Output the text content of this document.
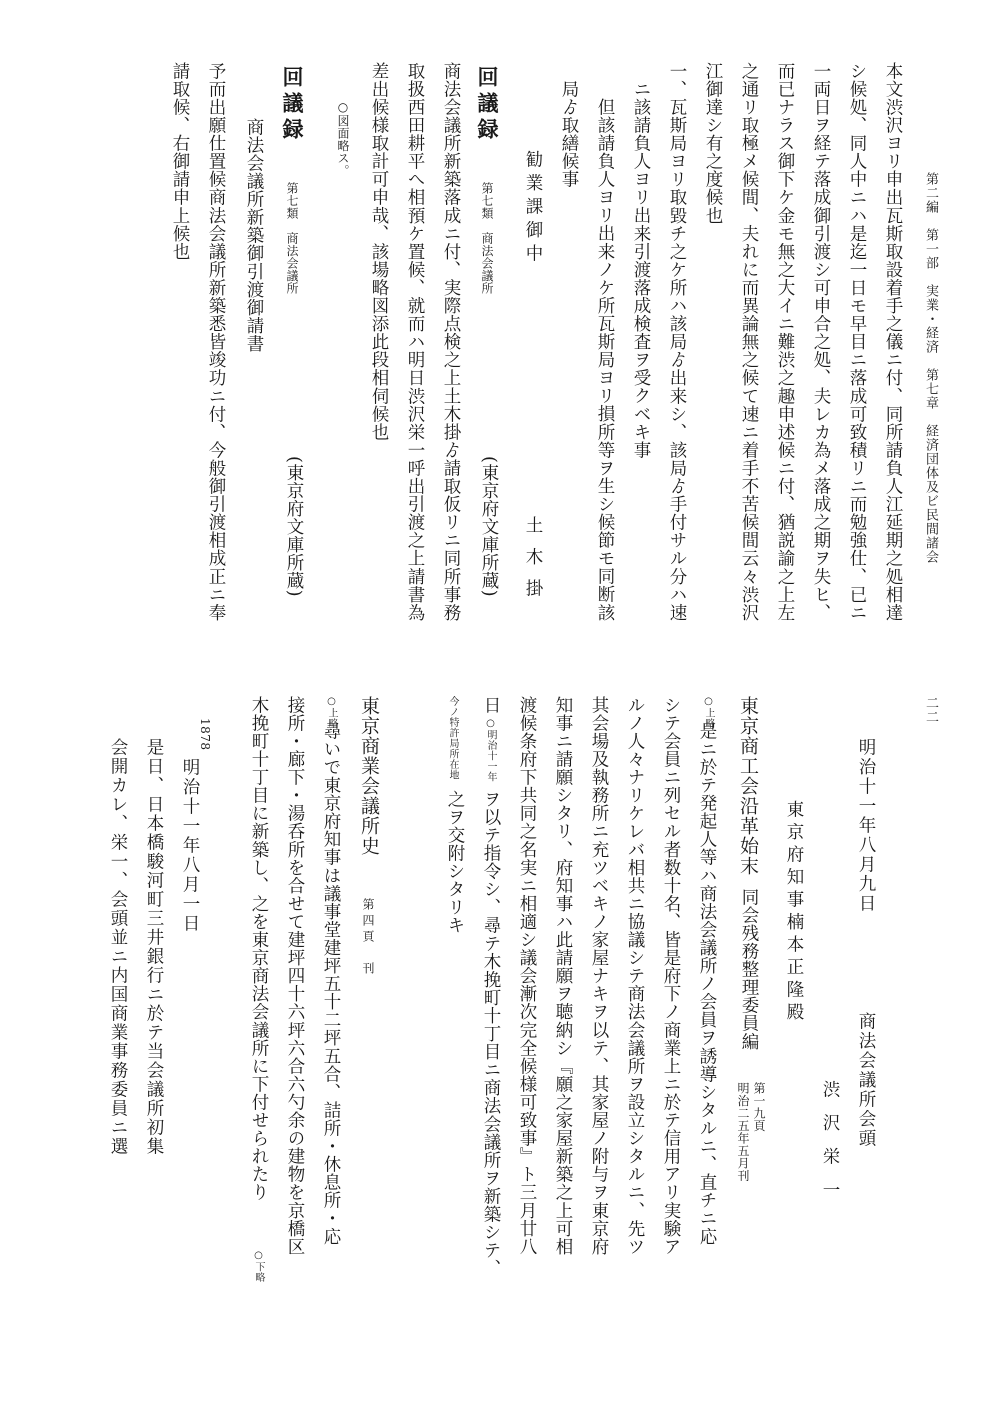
第二編　第一部　実業・経済　第七章　経済団体及ビ民間諸会

二二

本文渋沢ヨリ申出瓦斯取設着手之儀ニ付、同所請負人江延期之処相達

シ候処、同人中ニハ是迄一日モ早目ニ落成可致積リニ而勉強仕、已ニ

一両日ヲ経テ落成御引渡シ可申合之処、夫レカ為メ落成之期ヲ失ヒ、

而已ナラス御下ケ金モ無之大イニ難渋之趣申述候ニ付、猶説諭之上左

之通リ取極メ候間、夫れに而異論無之候て速ニ着手不苦候間云々渋沢

江御達シ有之度候也

一、瓦斯局ヨリ取毀チ之ケ所ハ該局ゟ出来シ、該局ゟ手付サル分ハ速

ニ該請負人ヨリ出来引渡落成検査ヲ受クベキ事

但該請負人ヨリ出来ノケ所瓦斯局ヨリ損所等ヲ生シ候節モ同断該

局ゟ取繕候事

勧業課御中

土木掛

回議録

第七類　商法会議所

(東京府文庫所蔵)

商法会議所新築落成ニ付、実際点検之上土木掛ゟ請取仮リニ同所事務

取扱西田耕平へ相預ケ置候、就而ハ明日渋沢栄一呼出引渡之上請書為

差出候様取計可申哉、該場略図添此段相伺候也

○図面略ス。

回議録

第七類　商法会議所

(東京府文庫所蔵)

商法会議所新築御引渡御請書

予而出願仕置候商法会議所新築悉皆竣功ニ付、今般御引渡相成正ニ奉

請取候、右御請申上候也

明治十一年八月九日

商法会議所会頭

渋沢栄一

東京府知事楠本正隆殿

東京商工会沿革始末

同会残務整理委員編

第一九頁

明治二五年五月刊

○上略

是ニ於テ発起人等ハ商法会議所ノ会員ヲ誘導シタルニ、直チニ応

シテ会員ニ列セル者数十名、皆是府下ノ商業上ニ於テ信用アリ実験ア

ルノ人々ナリケレバ相共ニ協議シテ商法会議所ヲ設立シタルニ、先ツ

其会場及執務所ニ充ツベキノ家屋ナキヲ以テ、其家屋ノ附与ヲ東京府

知事ニ請願シタリ、府知事ハ此請願ヲ聴納シ『願之家屋新築之上可相

渡候条府下共同之名実ニ相適シ議会漸次完全候様可致事』ト三月廿八

日

○明治十一年

ヲ以テ指令シ、尋テ木挽町十丁目ニ商法会議所ヲ新築シテ、

今ノ特許局所在地

之ヲ交附シタリキ

東京商業会議所史

第四頁　刊

○上略

尋いで東京府知事は議事堂建坪五十二坪五合、詰所・休息所・応

接所・廊下・湯呑所を合せて建坪四十六坪六合六勺余の建物を京橋区

木挽町十丁目に新築し、之を東京商法会議所に下付せられたり

○下略

1878

明治十一年八月一日

是日、日本橋駿河町三井銀行ニ於テ当会議所初集

会開カレ、栄一、会頭並ニ内国商業事務委員ニ選
